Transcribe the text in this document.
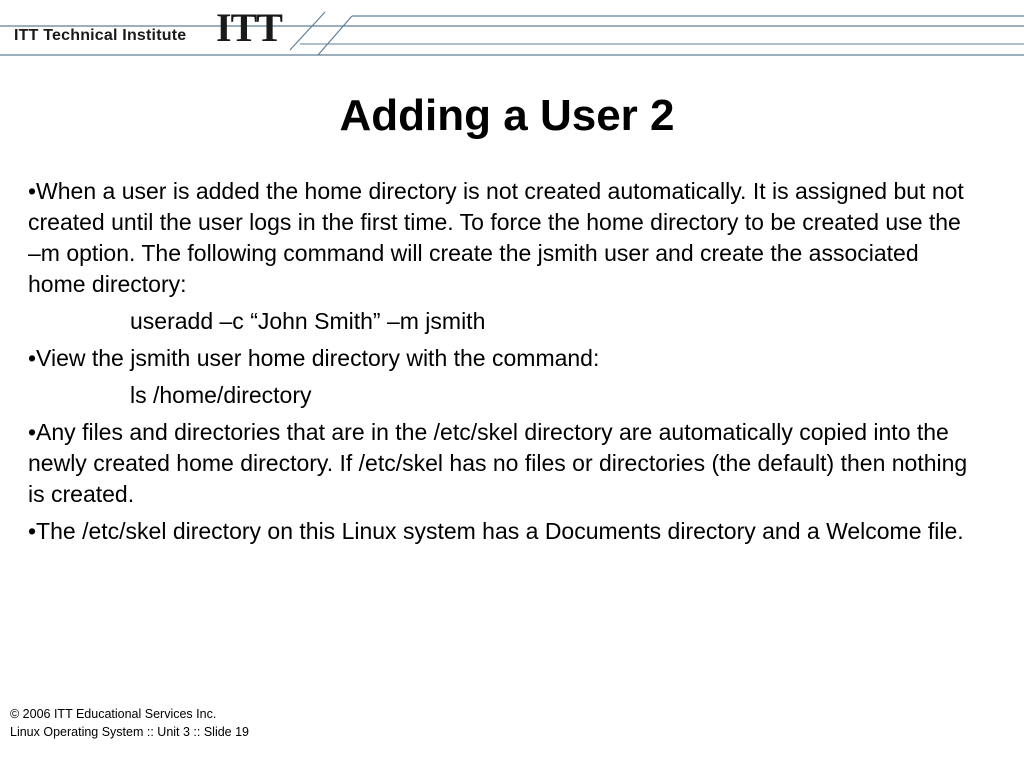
ITT Technical Institute ITT
Adding a User 2

•When a user is added the home directory is not created automatically. It is assigned but not created until the user logs in the first time. To force the home directory to be created use the –m option. The following command will create the jsmith user and create the associated home directory:

useradd –c “John Smith” –m jsmith

•View the jsmith user home directory with the command:

ls /home/directory

•Any files and directories that are in the /etc/skel directory are automatically copied into the newly created home directory. If /etc/skel has no files or directories (the default) then nothing is created.

•The /etc/skel directory on this Linux system has a Documents directory and a Welcome file.

© 2006 ITT Educational Services Inc.
Linux Operating System :: Unit 3 :: Slide 19
